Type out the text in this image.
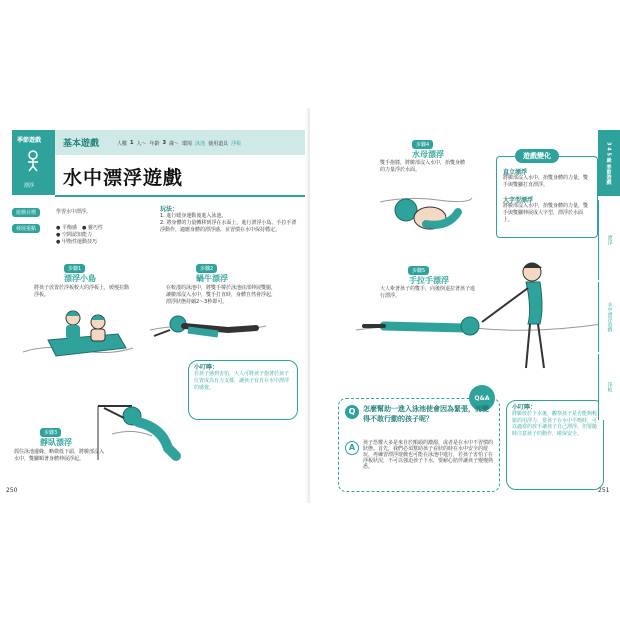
季節遊戲
漂浮
基本遊戲	人數 1 人～ 年齡 3 歲～ 環境 泳池 使用道具 浮板
水中漂浮遊戲
遊戲目標	學習水中漂浮。
發展重點	● 平衡感　● 靈巧性
● 空間認知能力
● 甲衡性運動技巧
玩法：
1. 進行暖身運動後進入泳池。
2. 將身體的力量轉移到浮在水面上，進行漂浮小島、手拉手漂浮動作，適應身體的漂浮感，並習慣在水中保持穩定。
步驟1
漂浮小島
將孩子放置於浮板較大的浮板上，緩慢拉動浮板。
步驟2
蝸牛漂浮
在較淺的泳池中，將雙手撐於泳池底部伸展雙腿，讓臉部沒入水中，雙手打直時，身體自然會浮起，漂浮狀態持續2～3秒即可。
小叮嚀：
若孩子感到害怕，大人可將孩子抱著於孩子位置成為有力支撐，讓孩子有自在水中漂浮的感覺。
步驟3
靜臥漂浮
抓住泳池邊緣，略微低下頭，將臉部沒入水中，雙腳順著身體伸展浮起。
250
步驟4
水母漂浮
雙手抱膝，將臉部沒入水中，抬雙身體的力量浮於水面。
遊戲變化
直立漂浮
將臉部沒入水中，抬雙身體的力量，雙手與雙腳打直漂浮。
大字型漂浮
將臉部沒入水中，抬雙身體的力量，雙手與雙腳伸展成大字型，漂浮於水面上。
步驟5
手拉手漂浮
大人牽著孩子的雙手，向後倒退拉著孩子進行漂浮。
Q&A
Q	怎麼幫助一進入泳池使會因為緊張，而變得不敢行動的孩子呢？
A	孩子恐懼大多是來自於額頭的濃溺，或者是在水中不習慣的狀態。首先，我們必須幫助孩子看狀的時在水中安全的遊玩，再練習漂浮遊戲也可能在泳池中進行，若孩子害怕了在浮板狀況，不可以強迫孩子下水，要耐心陪伴讓孩子慢慢熟悉。
小叮嚀：
將臉放於下水後，觀察孩子是否能夠輕鬆的用浮力，當孩子在水中平衡時，可以適當的放手讓孩子自己漂浮，但要隨時注意孩子的動作，確保安全。
251
3 4 5 歲 季節遊戲
漂浮
水中漂浮遊戲
浮板
